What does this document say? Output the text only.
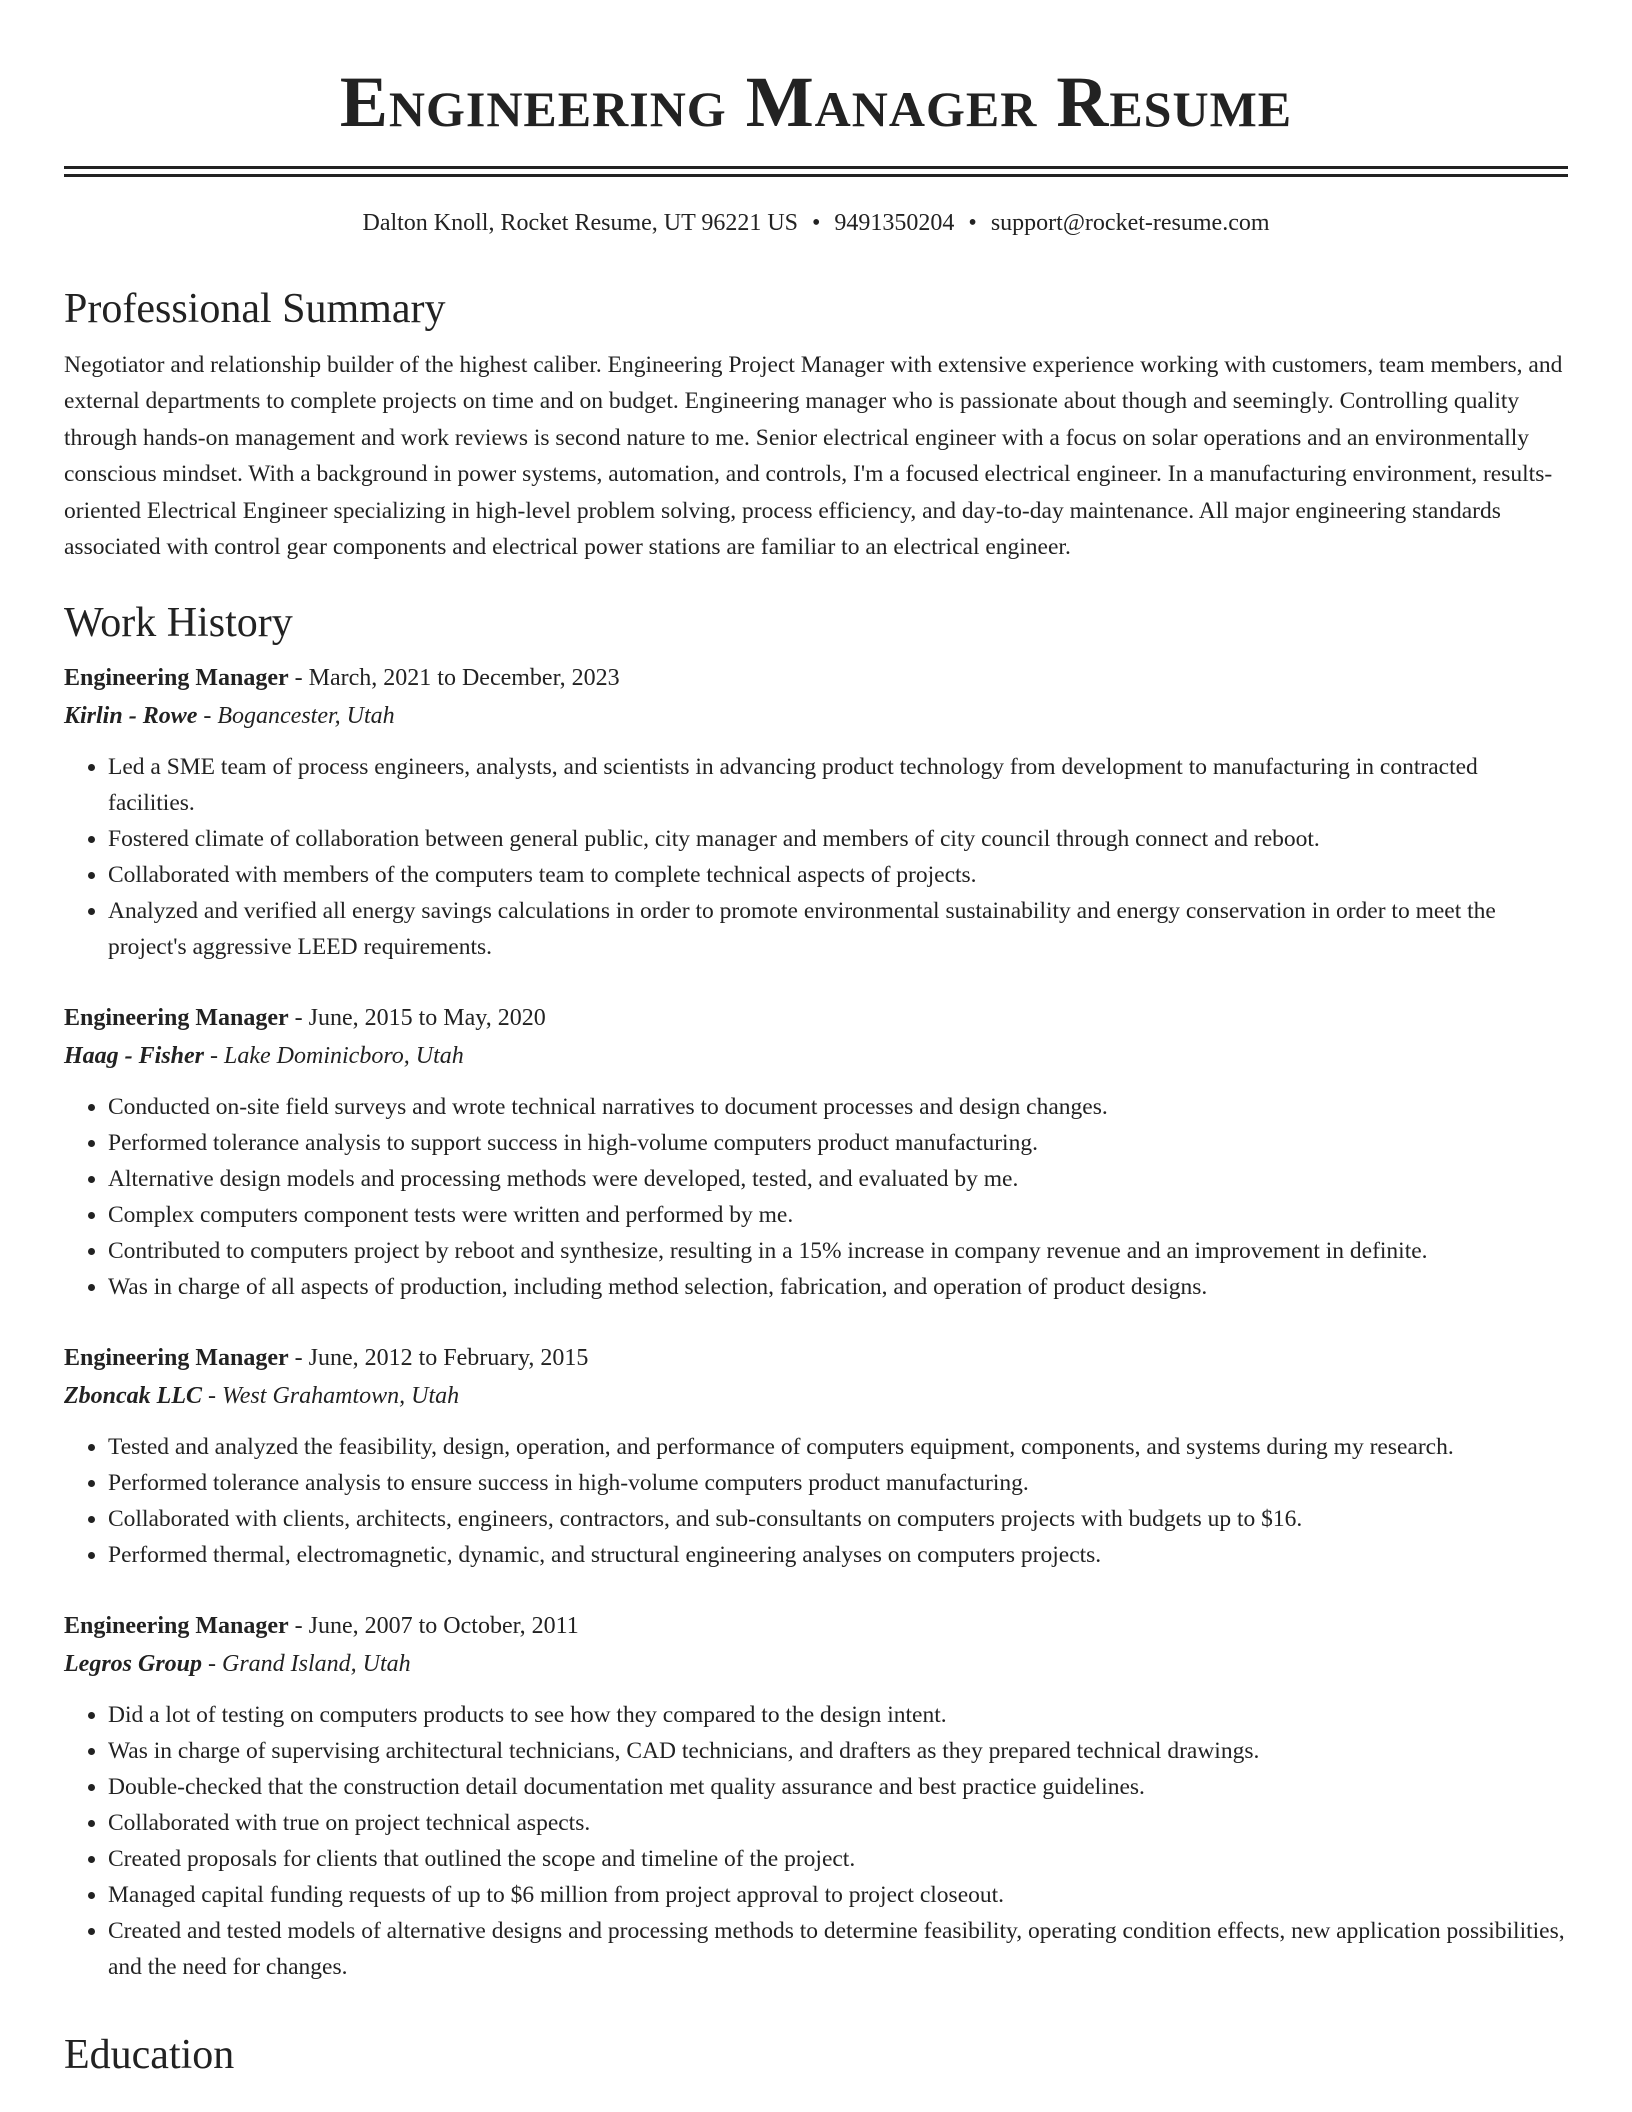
Engineering Manager Resume
Dalton Knoll, Rocket Resume, UT 96221 US • 9491350204 • support@rocket-resume.com
Professional Summary

Negotiator and relationship builder of the highest caliber. Engineering Project Manager with extensive experience working with customers, team members, and external departments to complete projects on time and on budget. Engineering manager who is passionate about though and seemingly. Controlling quality through hands-on management and work reviews is second nature to me. Senior electrical engineer with a focus on solar operations and an environmentally conscious mindset. With a background in power systems, automation, and controls, I'm a focused electrical engineer. In a manufacturing environment, results-oriented Electrical Engineer specializing in high-level problem solving, process efficiency, and day-to-day maintenance. All major engineering standards associated with control gear components and electrical power stations are familiar to an electrical engineer.

Work History
Engineering Manager - March, 2021 to December, 2023
Kirlin - Rowe - Bogancester, Utah
• Led a SME team of process engineers, analysts, and scientists in advancing product technology from development to manufacturing in contracted facilities.
• Fostered climate of collaboration between general public, city manager and members of city council through connect and reboot.
• Collaborated with members of the computers team to complete technical aspects of projects.
• Analyzed and verified all energy savings calculations in order to promote environmental sustainability and energy conservation in order to meet the project's aggressive LEED requirements.
Engineering Manager - June, 2015 to May, 2020
Haag - Fisher - Lake Dominicboro, Utah
• Conducted on-site field surveys and wrote technical narratives to document processes and design changes.
• Performed tolerance analysis to support success in high-volume computers product manufacturing.
• Alternative design models and processing methods were developed, tested, and evaluated by me.
• Complex computers component tests were written and performed by me.
• Contributed to computers project by reboot and synthesize, resulting in a 15% increase in company revenue and an improvement in definite.
• Was in charge of all aspects of production, including method selection, fabrication, and operation of product designs.
Engineering Manager - June, 2012 to February, 2015
Zboncak LLC - West Grahamtown, Utah
• Tested and analyzed the feasibility, design, operation, and performance of computers equipment, components, and systems during my research.
• Performed tolerance analysis to ensure success in high-volume computers product manufacturing.
• Collaborated with clients, architects, engineers, contractors, and sub-consultants on computers projects with budgets up to $16.
• Performed thermal, electromagnetic, dynamic, and structural engineering analyses on computers projects.
Engineering Manager - June, 2007 to October, 2011
Legros Group - Grand Island, Utah
• Did a lot of testing on computers products to see how they compared to the design intent.
• Was in charge of supervising architectural technicians, CAD technicians, and drafters as they prepared technical drawings.
• Double-checked that the construction detail documentation met quality assurance and best practice guidelines.
• Collaborated with true on project technical aspects.
• Created proposals for clients that outlined the scope and timeline of the project.
• Managed capital funding requests of up to $6 million from project approval to project closeout.
• Created and tested models of alternative designs and processing methods to determine feasibility, operating condition effects, new application possibilities, and the need for changes.
Education
